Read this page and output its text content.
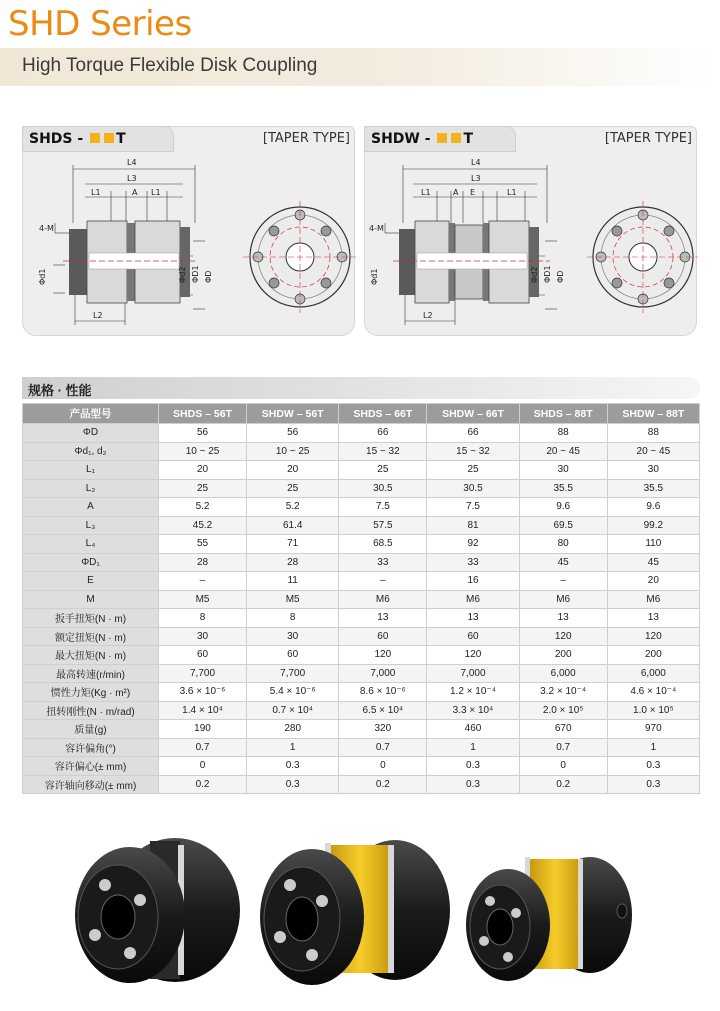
SHD Series
High Torque Flexible Disk Coupling
SHDS - T	[TAPER TYPE]
L4
L3
L1	A L1
4-M
Φd1	Φd2 ΦD1 ΦD
L2
SHDW - T	[TAPER TYPE]
L4
L3
L1	A E	L1
4-M
Φd1	Φd2 ΦD1 ΦD
L2
规格 · 性能
产品型号	SHDS – 56T	SHDW – 56T	SHDS – 66T	SHDW – 66T	SHDS – 88T	SHDW – 88T
ΦD	56	56	66	66	88	88
Φd₁, d₂	10 ~ 25	10 ~ 25	15 ~ 32	15 ~ 32	20 ~ 45	20 ~ 45
L₁	20	20	25	25	30	30
L₂	25	25	30.5	30.5	35.5	35.5
A	5.2	5.2	7.5	7.5	9.6	9.6
L₃	45.2	61.4	57.5	81	69.5	99.2
L₄	55	71	68.5	92	80	110
ΦD₁	28	28	33	33	45	45
E	–	11	–	16	–	20
M	M5	M5	M6	M6	M6	M6
扳手扭矩(N · m)	8	8	13	13	13	13
额定扭矩(N · m)	30	30	60	60	120	120
最大扭矩(N · m)	60	60	120	120	200	200
最高转速(r/min)	7,700	7,700	7,000	7,000	6,000	6,000
惯性力矩(Kg · m²)	3.6 × 10⁻⁶	5.4 × 10⁻⁶	8.6 × 10⁻⁶	1.2 × 10⁻⁴	3.2 × 10⁻⁴	4.6 × 10⁻⁴
扭转刚性(N · m/rad)	1.4 × 10⁴	0.7 × 10⁴	6.5 × 10⁴	3.3 × 10⁴	2.0 × 10⁵	1.0 × 10⁵
质量(g)	190	280	320	460	670	970
容许偏角(°)	0.7	1	0.7	1	0.7	1
容许偏心(± mm)	0	0.3	0	0.3	0	0.3
容许轴向移动(± mm)	0.2	0.3	0.2	0.3	0.2	0.3
